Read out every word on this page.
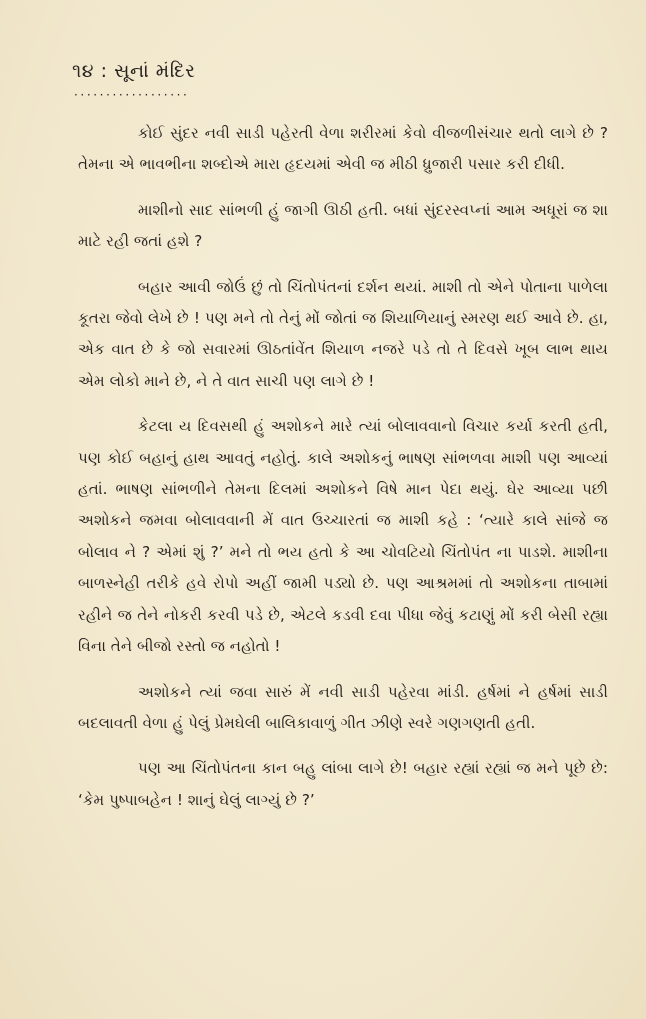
૧૪ : સૂનાં મંદિર
··················

કોઈ સુંદર નવી સાડી પહેરતી વેળા શરીરમાં કેવો વીજળીસંચાર થતો લાગે છે ? તેમના એ ભાવભીના શબ્દોએ મારા હૃદયમાં એવી જ મીઠી ધ્રુજારી પસાર કરી દીધી.

માશીનો સાદ સાંભળી હું જાગી ઊઠી હતી. બધાં સુંદરસ્વપ્નાં આમ અધૂરાં જ શા માટે રહી જતાં હશે ?

બહાર આવી જોઉં છું તો ચિંતોપંતનાં દર્શન થયાં. માશી તો એને પોતાના પાળેલા કૂતરા જેવો લેખે છે ! પણ મને તો તેનું મોં જોતાં જ શિયાળિયાનું સ્મરણ થઈ આવે છે. હા, એક વાત છે કે જો સવારમાં ઊઠતાંવેંત શિયાળ નજરે પડે તો તે દિવસે ખૂબ લાભ થાય એમ લોકો માને છે, ને તે વાત સાચી પણ લાગે છે !

કેટલા ય દિવસથી હું અશોકને મારે ત્યાં બોલાવવાનો વિચાર કર્યા કરતી હતી, પણ કોઈ બહાનું હાથ આવતું નહોતું. કાલે અશોકનું ભાષણ સાંભળવા માશી પણ આવ્યાં હતાં. ભાષણ સાંભળીને તેમના દિલમાં અશોકને વિષે માન પેદા થયું. ઘેર આવ્યા પછી અશોકને જમવા બોલાવવાની મેં વાત ઉચ્ચારતાં જ માશી કહે : ‘ત્યારે કાલે સાંજે જ બોલાવ ને ? એમાં શું ?’ મને તો ભય હતો કે આ ચોવટિયો ચિંતોપંત ના પાડશે. માશીના બાળસ્નેહી તરીકે હવે રોપો અહીં જામી પડ્યો છે. પણ આશ્રમમાં તો અશોકના તાબામાં રહીને જ તેને નોકરી કરવી પડે છે, એટલે કડવી દવા પીધા જેવું કટાણું મોં કરી બેસી રહ્યા વિના તેને બીજો રસ્તો જ નહોતો !

અશોકને ત્યાં જવા સારું મેં નવી સાડી પહેરવા માંડી. હર્ષમાં ને હર્ષમાં સાડી બદલાવતી વેળા હું પેલું પ્રેમઘેલી બાલિકાવાળું ગીત ઝીણે સ્વરે ગણગણતી હતી.

પણ આ ચિંતોપંતના કાન બહુ લાંબા લાગે છે! બહાર રહ્યાં રહ્યાં જ મને પૂછે છે: ‘કેમ પુષ્પાબહેન ! શાનું ઘેલું લાગ્યું છે ?’
